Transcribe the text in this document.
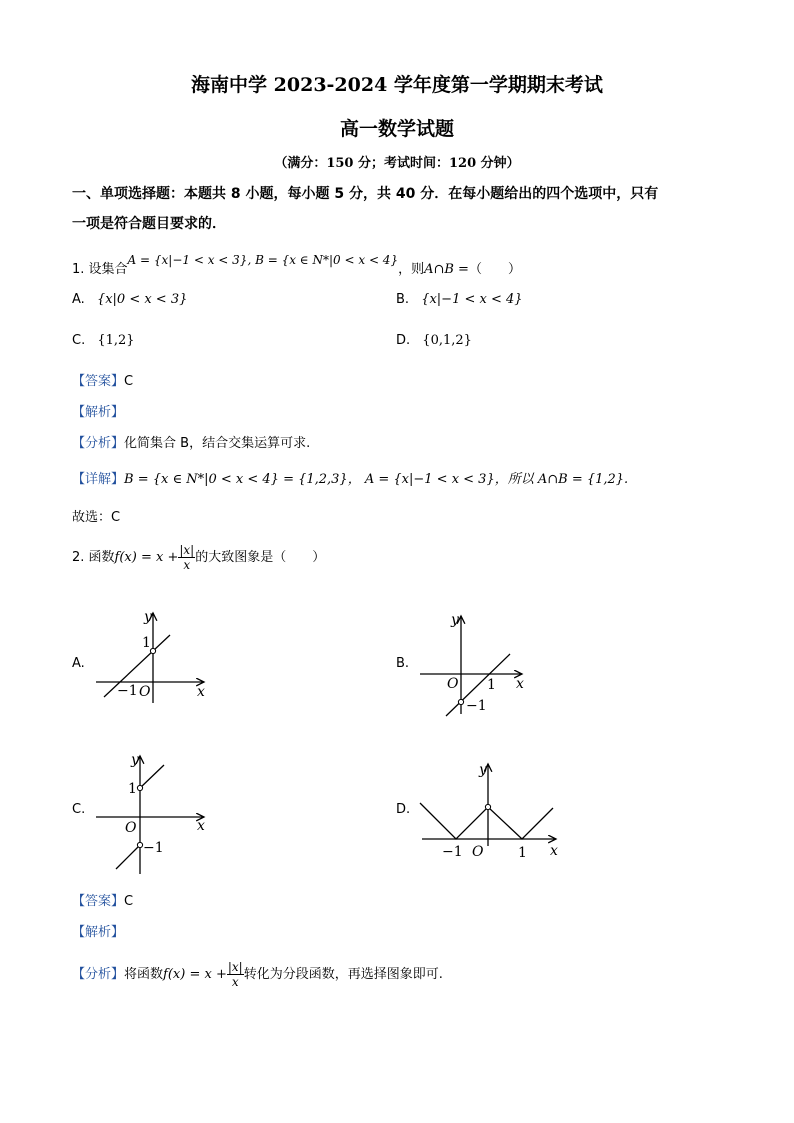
海南中学 2023-2024 学年度第一学期期末考试
高一数学试题
（满分：150 分；考试时间：120 分钟）
一、单项选择题：本题共 8 小题，每小题 5 分，共 40 分．在每小题给出的四个选项中，只有
一项是符合题目要求的．
1. 设集合A = {x|−1 < x < 3}, B = {x ∈ N*|0 < x < 4}，则A∩B =（　　）
A. {x|0 < x < 3}	B. {x|−1 < x < 4}
C. {1,2}	D. {0,1,2}
【答案】C
【解析】
【分析】化简集合 B，结合交集运算可求.
【详解】B = {x ∈ N*|0 < x < 4} = {1,2,3}， A = {x|−1 < x < 3}，所以 A∩B = {1,2}.
故选：C
2. 函数$f(x) = x + \frac{|x|}{x}$ 的大致图象是（　　）
A.	B.
C.	D.
1
−1 O	x
y
O 1
−1
x
y
1
−1
O	x
y
−1 O 1 x
y
【答案】C
【解析】
【分析】将函数$f(x) = x + \frac{|x|}{x}$ 转化为分段函数，再选择图象即可.
